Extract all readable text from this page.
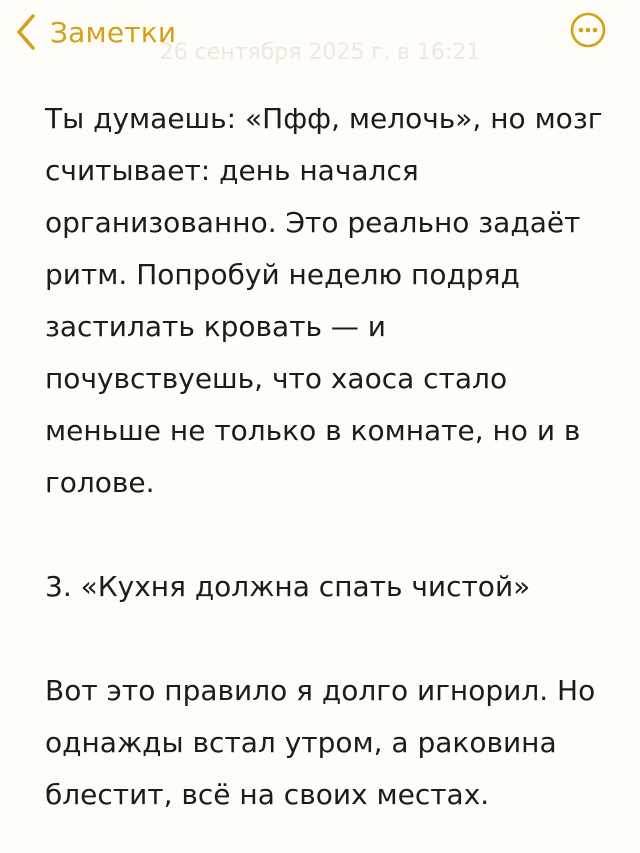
Заметки
26 сентября 2025 г. в 16:21

Ты думаешь: «Пфф, мелочь», но мозг считывает: день начался организованно. Это реально задаёт ритм. Попробуй неделю подряд застилать кровать — и почувствуешь, что хаоса стало меньше не только в комнате, но и в голове.

3. «Кухня должна спать чистой»

Вот это правило я долго игнорил. Но однажды встал утром, а раковина блестит, всё на своих местах.
